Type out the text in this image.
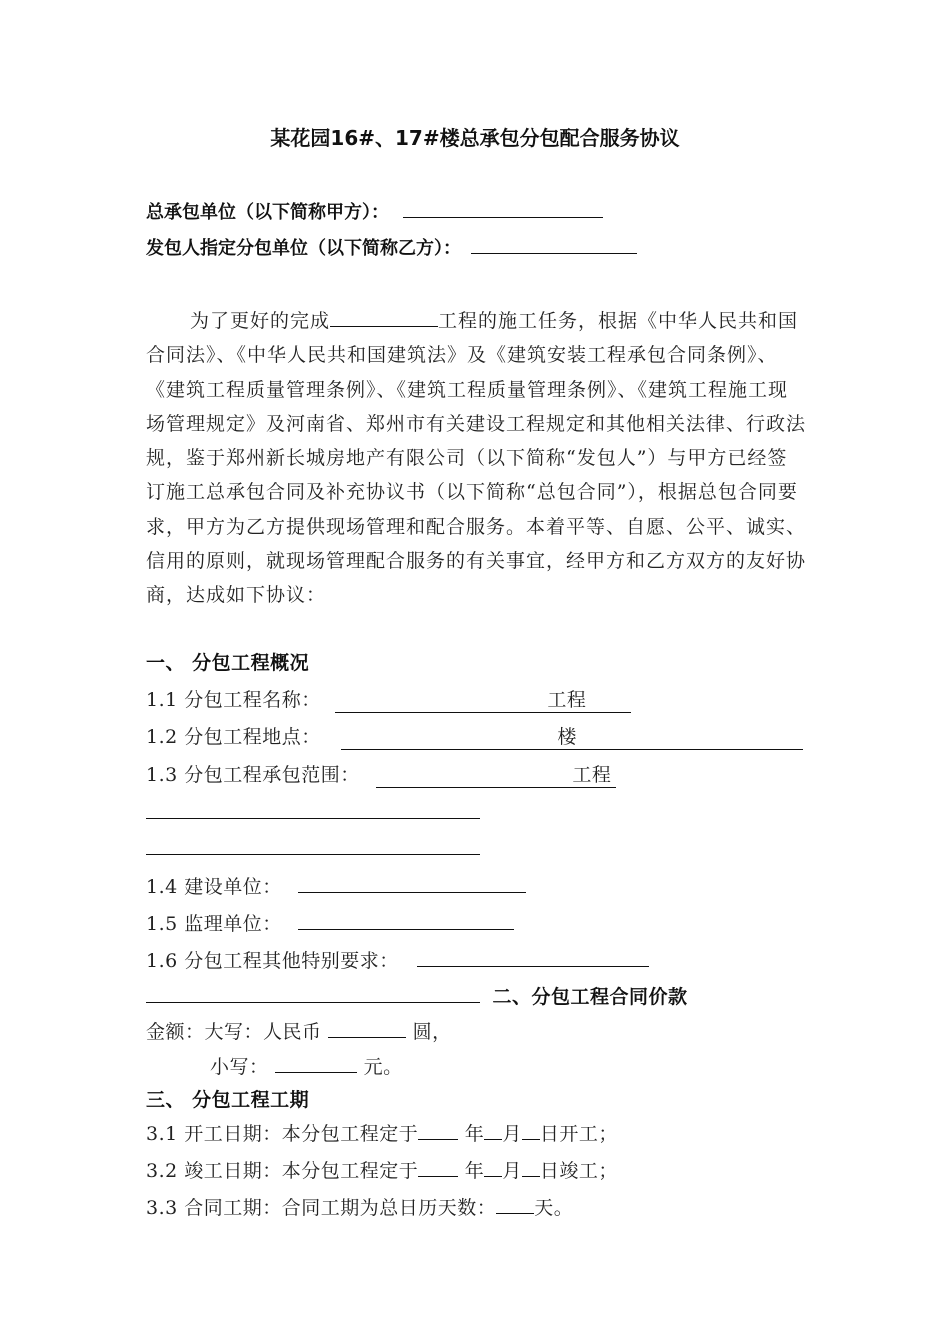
某花园16#、17#楼总承包分包配合服务协议
总承包单位（以下简称甲方）：
发包人指定分包单位（以下简称乙方）：
为了更好的完成	工程的施工任务，根据《中华人民共和国合同法》、《中华人民共和国建筑法》及《建筑安装工程承包合同条例》、《建筑工程质量管理条例》、《建筑工程质量管理条例》、《建筑工程施工现场管理规定》及河南省、郑州市有关建设工程规定和其他相关法律、行政法规，鉴于郑州新长城房地产有限公司（以下简称“发包人”）与甲方已经签订施工总承包合同及补充协议书（以下简称“总包合同”），根据总包合同要求，甲方为乙方提供现场管理和配合服务。本着平等、自愿、公平、诚实、信用的原则，就现场管理配合服务的有关事宜，经甲方和乙方双方的友好协商，达成如下协议：
一、 分包工程概况
1.1 分包工程名称：	工程
1.2 分包工程地点：	楼
1.3 分包工程承包范围：	工程
1.4 建设单位：
1.5 监理单位：
1.6 分包工程其他特别要求：
二、分包工程合同价款
金额：大写：人民币	圆，
小写：	元。
三、 分包工程工期
3.1 开工日期：本分包工程定于 年 月 日开工；
3.2 竣工日期：本分包工程定于 年 月 日竣工；
3.3 合同工期：合同工期为总日历天数： 天。
